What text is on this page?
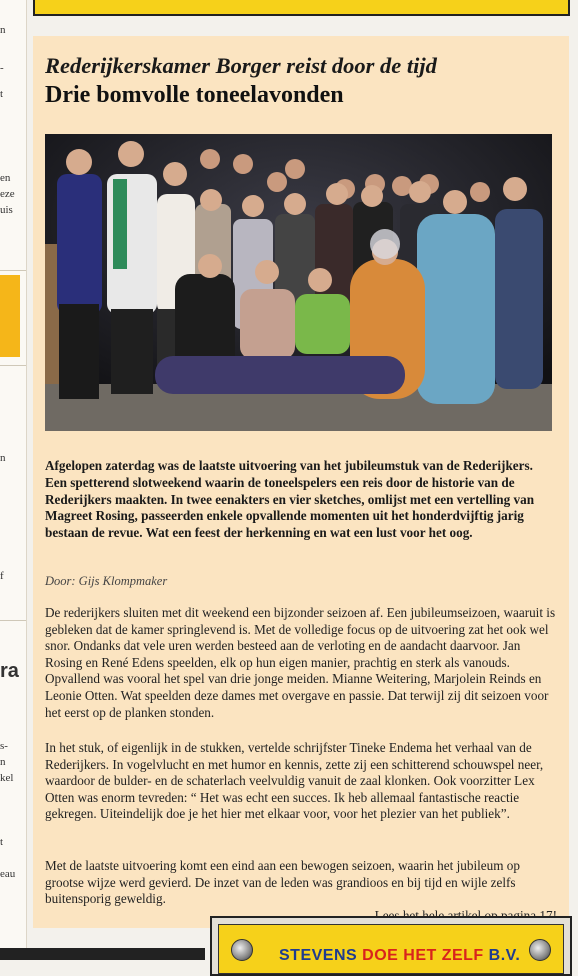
n
-
t
en
eze
uis
n
f
ra
s-
n
kel
t
eau
Rederijkerskamer Borger reist door de tijd
Drie bomvolle toneelavonden

Afgelopen zaterdag was de laatste uitvoering van het jubileumstuk van de Rederijkers. Een spetterend slotweekend waarin de toneelspelers een reis door de historie van de Rederijkers maakten. In twee eenakters en vier sketches, omlijst met een vertelling van Magreet Rosing, passeerden enkele opvallende momenten uit het honderdvijftig jarig bestaan de revue. Wat een feest der herkenning en wat een lust voor het oog.

Door: Gijs Klompmaker

De rederijkers sluiten met dit weekend een bijzonder seizoen af. Een jubileumseizoen, waaruit is gebleken dat de kamer springlevend is. Met de volledige focus op de uitvoering zat het ook wel snor. Ondanks dat vele uren werden besteed aan de verloting en de aandacht daarvoor. Jan Rosing en René Edens speelden, elk op hun eigen manier, prachtig en sterk als vanouds. Opvallend was vooral het spel van drie jonge meiden. Mianne Weitering, Marjolein Reinds en Leonie Otten. Wat speelden deze dames met overgave en passie. Dat terwijl zij dit seizoen voor het eerst op de planken stonden.

In het stuk, of eigenlijk in de stukken, vertelde schrijfster Tineke Endema het verhaal van de Rederijkers. In vogelvlucht en met humor en kennis, zette zij een schitterend schouwspel neer, waardoor de bulder- en de schaterlach veelvuldig vanuit de zaal klonken. Ook voorzitter Lex Otten was enorm tevreden: “ Het was echt een succes. Ik heb allemaal fantastische reactie gekregen. Uiteindelijk doe je het hier met elkaar voor, voor het plezier van het publiek”.

Met de laatste uitvoering komt een eind aan een bewogen seizoen, waarin het jubileum op grootse wijze werd gevierd. De inzet van de leden was grandioos en bij tijd en wijle zelfs buitensporig geweldig.

STEVENS DOE HET ZELF B.V.
